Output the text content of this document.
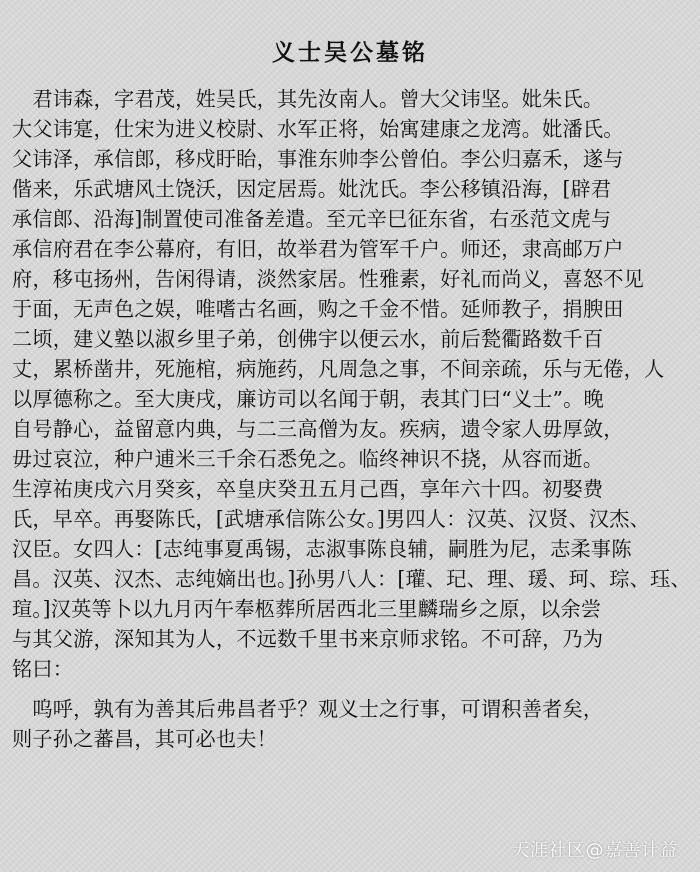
义士吴公墓铭
　君讳森，字君茂，姓吴氏，其先汝南人。曾大父讳坚。妣朱氏。
大父讳寔，仕宋为进义校尉、水军正将，始寓建康之龙湾。妣潘氏。
父讳泽，承信郎，移戍盱眙，事淮东帅李公曾伯。李公归嘉禾，遂与
偕来，乐武塘风土饶沃，因定居焉。妣沈氏。李公移镇沿海，[辟君
承信郎、沿海]制置使司准备差遣。至元辛巳征东省，右丞范文虎与
承信府君在李公幕府，有旧，故举君为管军千户。师还，隶高邮万户
府，移屯扬州，告闲得请，淡然家居。性雅素，好礼而尚义，喜怒不见
于面，无声色之娱，唯嗜古名画，购之千金不惜。延师教子，捐腴田
二顷，建义塾以淑乡里子弟，创佛宇以便云水，前后甃衢路数千百
丈，累桥凿井，死施棺，病施药，凡周急之事，不间亲疏，乐与无倦，人
以厚德称之。至大庚戌，廉访司以名闻于朝，表其门曰“义士”。晚
自号静心，益留意内典，与二三高僧为友。疾病，遗令家人毋厚敛，
毋过哀泣，种户逋米三千余石悉免之。临终神识不挠，从容而逝。
生淳祐庚戌六月癸亥，卒皇庆癸丑五月己酉，享年六十四。初娶费
氏，早卒。再娶陈氏，[武塘承信陈公女。]男四人：汉英、汉贤、汉杰、
汉臣。女四人：[志纯事夏禹锡，志淑事陈良辅，嗣胜为尼，志柔事陈
昌。汉英、汉杰、志纯嫡出也。]孙男八人：[瓘、玘、理、瑗、珂、琮、珏、
瑄。]汉英等卜以九月丙午奉柩葬所居西北三里麟瑞乡之原，以余尝
与其父游，深知其为人，不远数千里书来京师求铭。不可辞，乃为
铭曰：
　呜呼，孰有为善其后弗昌者乎？观义士之行事，可谓积善者矣，
则子孙之蕃昌，其可必也夫！
天涯社区@嘉善计益
